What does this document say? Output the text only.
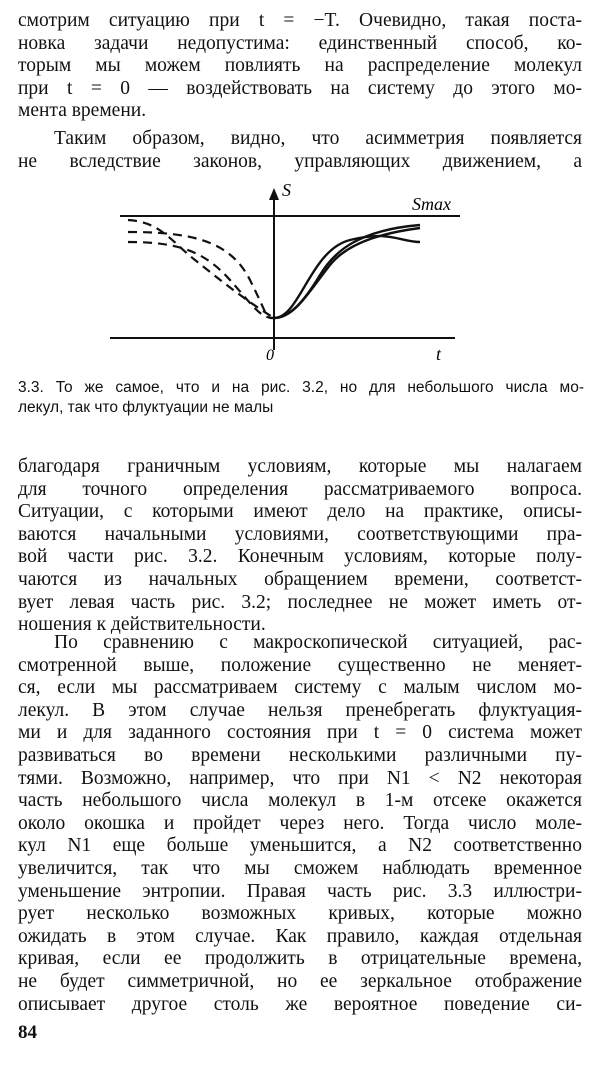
смотрим ситуацию при t = −T. Очевидно, такая поста-
новка задачи недопустима: единственный способ, ко-
торым мы можем повлиять на распределение молекул
при t = 0 — воздействовать на систему до этого мо-
мента времени.
Таким образом, видно, что асимметрия появляется
не вследствие законов, управляющих движением, а
S
Smax
0	t
3.3. То же самое, что и на рис. 3.2, но для небольшого числа мо-
лекул, так что флуктуации не малы
благодаря граничным условиям, которые мы налагаем
для точного определения рассматриваемого вопроса.
Ситуации, с которыми имеют дело на практике, описы-
ваются начальными условиями, соответствующими пра-
вой части рис. 3.2. Конечным условиям, которые полу-
чаются из начальных обращением времени, соответст-
вует левая часть рис. 3.2; последнее не может иметь от-
ношения к действительности.
По сравнению с макроскопической ситуацией, рас-
смотренной выше, положение существенно не меняет-
ся, если мы рассматриваем систему с малым числом мо-
лекул. В этом случае нельзя пренебрегать флуктуация-
ми и для заданного состояния при t = 0 система может
развиваться во времени несколькими различными пу-
тями. Возможно, например, что при N1 < N2 некоторая
часть небольшого числа молекул в 1-м отсеке окажется
около окошка и пройдет через него. Тогда число моле-
кул N1 еще больше уменьшится, а N2 соответственно
увеличится, так что мы сможем наблюдать временное
уменьшение энтропии. Правая часть рис. 3.3 иллюстри-
рует несколько возможных кривых, которые можно
ожидать в этом случае. Как правило, каждая отдельная
кривая, если ее продолжить в отрицательные времена,
не будет симметричной, но ее зеркальное отображение
описывает другое столь же вероятное поведение си-
84
